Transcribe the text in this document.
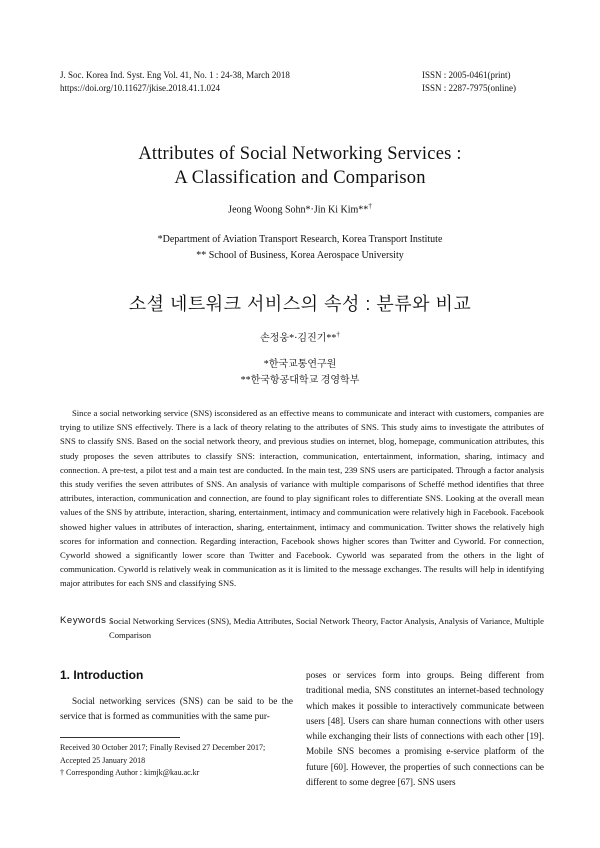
J. Soc. Korea Ind. Syst. Eng Vol. 41, No. 1 : 24-38, March 2018
https://doi.org/10.11627/jkise.2018.41.1.024
ISSN : 2005-0461(print)
ISSN : 2287-7975(online)
Attributes of Social Networking Services :
A Classification and Comparison
Jeong Woong Sohn*·Jin Ki Kim**†
*Department of Aviation Transport Research, Korea Transport Institute
** School of Business, Korea Aerospace University
소셜 네트워크 서비스의 속성 : 분류와 비교
손정웅*·김진기**†
*한국교통연구원
**한국항공대학교 경영학부

Since a social networking service (SNS) isconsidered as an effective means to communicate and interact with customers, companies are trying to utilize SNS effectively. There is a lack of theory relating to the attributes of SNS. This study aims to investigate the attributes of SNS to classify SNS. Based on the social network theory, and previous studies on internet, blog, homepage, communication attributes, this study proposes the seven attributes to classify SNS: interaction, communication, entertainment, information, sharing, intimacy and connection. A pre-test, a pilot test and a main test are conducted. In the main test, 239 SNS users are participated. Through a factor analysis this study verifies the seven attributes of SNS. An analysis of variance with multiple comparisons of Scheffé method identifies that three attributes, interaction, communication and connection, are found to play significant roles to differentiate SNS. Looking at the overall mean values of the SNS by attribute, interaction, sharing, entertainment, intimacy and communication were relatively high in Facebook. Facebook showed higher values in attributes of interaction, sharing, entertainment, intimacy and communication. Twitter shows the relatively high scores for information and connection. Regarding interaction, Facebook shows higher scores than Twitter and Cyworld. For connection, Cyworld showed a significantly lower score than Twitter and Facebook. Cyworld was separated from the others in the light of communication. Cyworld is relatively weak in communication as it is limited to the message exchanges. The results will help in identifying major attributes for each SNS and classifying SNS.

Keywords :
Social Networking Services (SNS), Media Attributes, Social Network Theory, Factor Analysis, Analysis of Variance, Multiple Comparison
1. Introduction

Social networking services (SNS) can be said to be the service that is formed as communities with the same pur-

Received 30 October 2017; Finally Revised 27 December 2017;
Accepted 25 January 2018
† Corresponding Author : kimjk@kau.ac.kr

poses or services form into groups. Being different from traditional media, SNS constitutes an internet-based technology which makes it possible to interactively communicate between users [48]. Users can share human connections with other users while exchanging their lists of connections with each other [19]. Mobile SNS becomes a promising e-service platform of the future [60]. However, the properties of such connections can be different to some degree [67]. SNS users
